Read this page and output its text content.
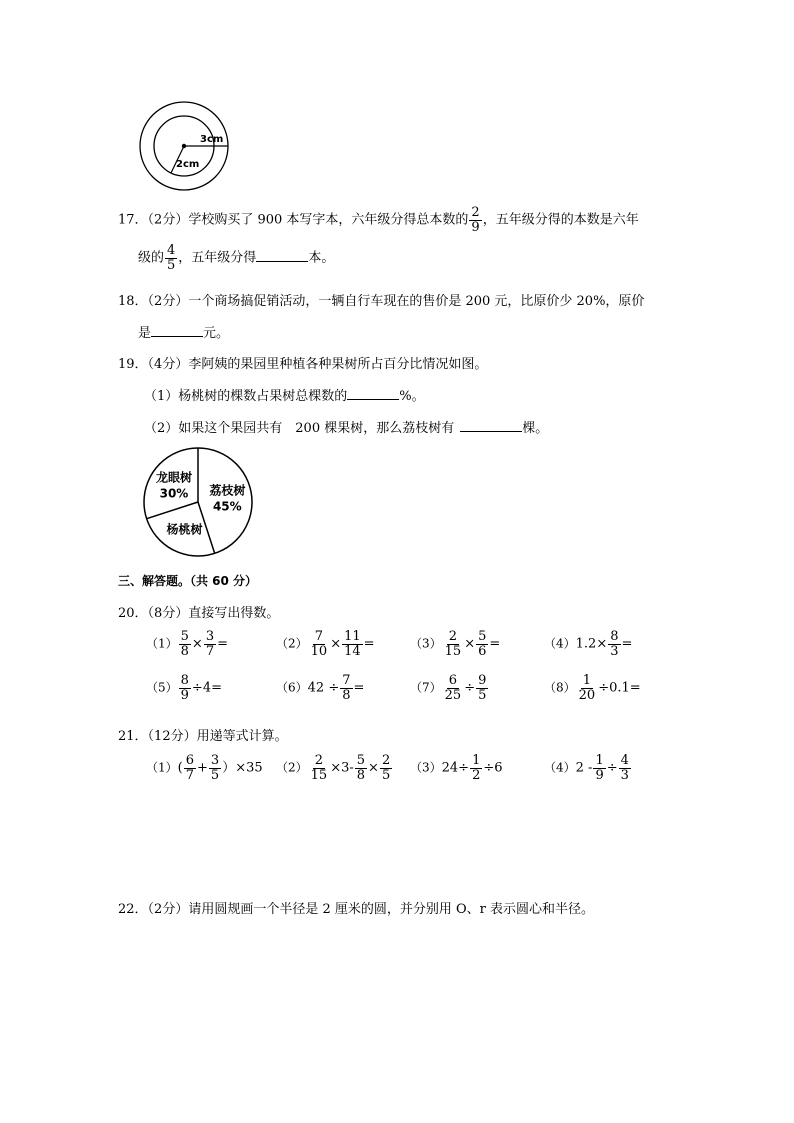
3cm
2cm
17．（2分）学校购买了 900 本写字本，六年级分得总本数的 $\frac{2}{9}$ ，五年级分得的本数是六年
级的 $\frac{4}{5}$ ，五年级分得	本。
18．（2分）一个商场搞促销活动，一辆自行车现在的售价是 200 元，比原价少 20%，原价
是	元。
19．（4分）李阿姨的果园里种植各种果树所占百分比情况如图。
（1）杨桃树的棵数占果树总棵数的	%。
（2）如果这个果园共有　200 棵果树，那么荔枝树有	棵。
荔枝树
45%
杨桃树
龙眼树
30%
三、解答题。（共 60 分）
20．（8分）直接写出得数。
$(1) \frac{5}{8} \times \frac{3}{7}$ =	$(2) \frac{7}{10} \times \frac{11}{14}$ =	$(3) \frac{2}{15} \times \frac{5}{6}$ =	$(4)1.2\times \frac{8}{3}$ =
$(5) \frac{8}{9} \div 4=$	$(6)42 \div \frac{7}{8}$ =	$(7) \frac{6}{25} \div \frac{9}{5}$	$(8) \frac{1}{20} \div 0.1=$
21．（12分）用递等式计算。
$(1)( \frac{6}{7} + \frac{3}{5} )\times 35$ $(2) \frac{2}{15} \times 3- \frac{5}{8} \times \frac{2}{5} (3)24\div \frac{1}{2} \div 6$	$(4)2 - \frac{1}{9} \div \frac{4}{3}$
22．（2分）请用圆规画一个半径是 2 厘米的圆，并分别用 O、r 表示圆心和半径。
